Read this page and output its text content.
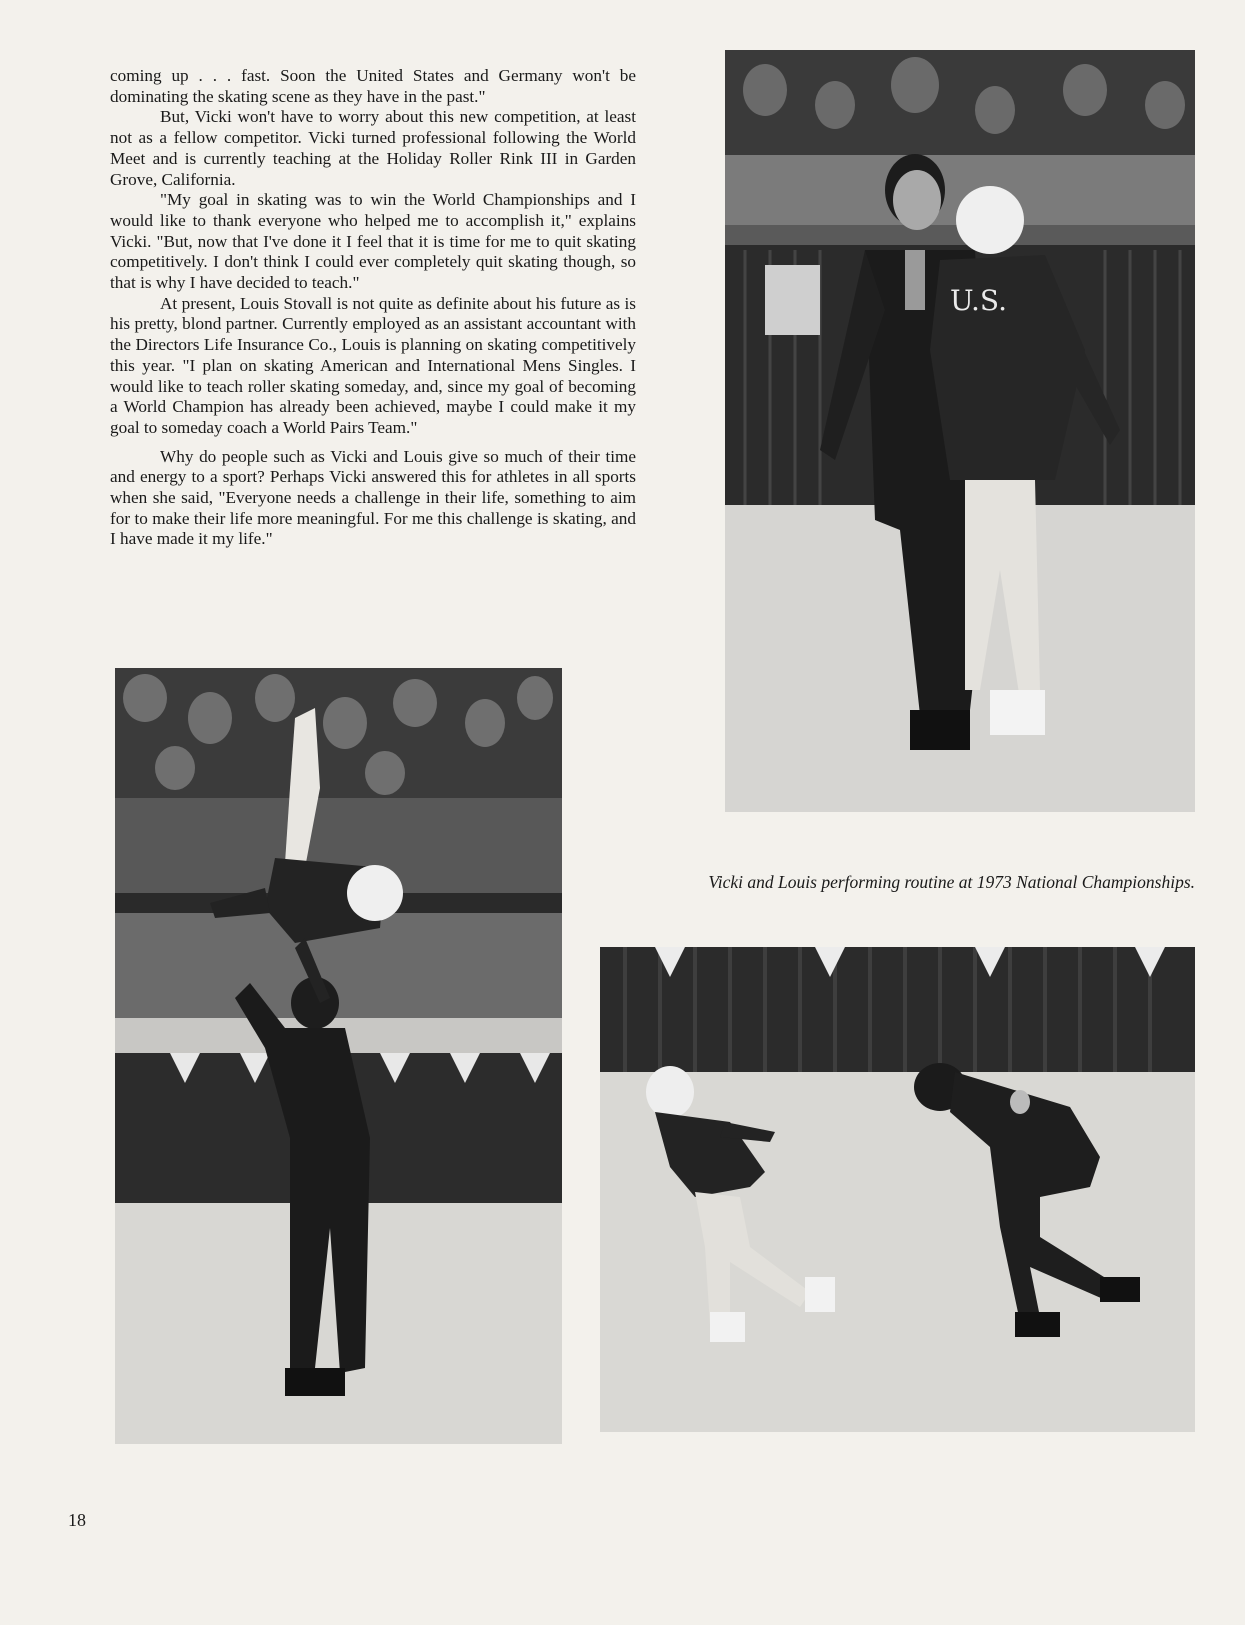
coming up . . . fast. Soon the United States and Germany won't be dominating the skating scene as they have in the past."

But, Vicki won't have to worry about this new competition, at least not as a fellow competitor. Vicki turned professional following the World Meet and is currently teaching at the Holiday Roller Rink III in Garden Grove, California.

"My goal in skating was to win the World Championships and I would like to thank everyone who helped me to accomplish it," explains Vicki. "But, now that I've done it I feel that it is time for me to quit skating competitively. I don't think I could ever completely quit skating though, so that is why I have decided to teach."

At present, Louis Stovall is not quite as definite about his future as is his pretty, blond partner. Currently employed as an assistant accountant with the Directors Life Insurance Co., Louis is planning on skating competitively this year. "I plan on skating American and International Mens Singles. I would like to teach roller skating someday, and, since my goal of becoming a World Champion has already been achieved, maybe I could make it my goal to someday coach a World Pairs Team."

Why do people such as Vicki and Louis give so much of their time and energy to a sport? Perhaps Vicki answered this for athletes in all sports when she said, "Everyone needs a challenge in their life, something to aim for to make their life more meaningful. For me this challenge is skating, and I have made it my life."

U.S.
Vicki and Louis performing routine at 1973 National Championships.
18
